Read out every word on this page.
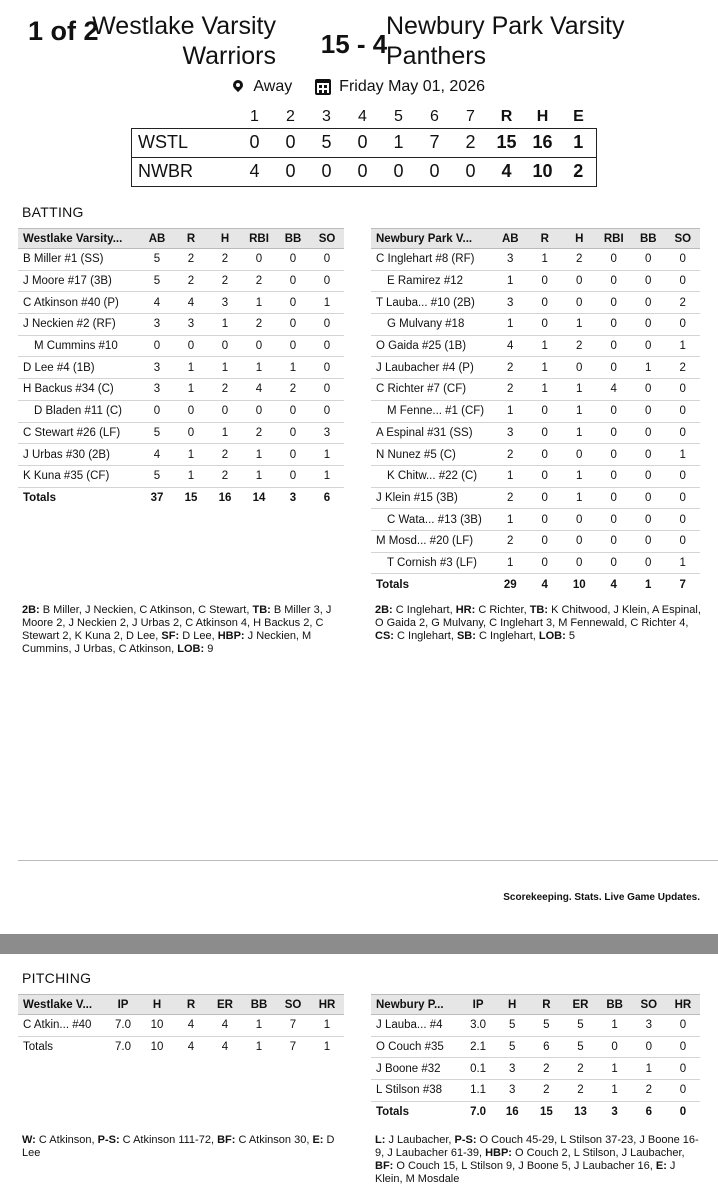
1 of 2
Westlake Varsity
Warriors	15 - 4
Newbury Park Varsity
Panthers
Away	Friday May 01, 2026
	1	2	3	4	5	6	7	R	H	E
WSTL	0	0	5	0	1	7	2	15	16	1
NWBR	4	0	0	0	0	0	0	4	10	2
BATTING
Westlake Varsity...	AB	R	H	RBI	BB	SO
B Miller #1 (SS)	5	2	2	0	0	0
J Moore #17 (3B)	5	2	2	2	0	0
C Atkinson #40 (P)	4	4	3	1	0	1
J Neckien #2 (RF)	3	3	1	2	0	0
M Cummins #10	0	0	0	0	0	0
D Lee #4 (1B)	3	1	1	1	1	0
H Backus #34 (C)	3	1	2	4	2	0
D Bladen #11 (C)	0	0	0	0	0	0
C Stewart #26 (LF)	5	0	1	2	0	3
J Urbas #30 (2B)	4	1	2	1	0	1
K Kuna #35 (CF)	5	1	2	1	0	1
Totals	37	15	16	14	3	6
Newbury Park V...	AB	R	H	RBI	BB	SO
C Inglehart #8 (RF)	3	1	2	0	0	0
E Ramirez #12	1	0	0	0	0	0
T Lauba... #10 (2B)	3	0	0	0	0	2
G Mulvany #18	1	0	1	0	0	0
O Gaida #25 (1B)	4	1	2	0	0	1
J Laubacher #4 (P)	2	1	0	0	1	2
C Richter #7 (CF)	2	1	1	4	0	0
M Fenne... #1 (CF)	1	0	1	0	0	0
A Espinal #31 (SS)	3	0	1	0	0	0
N Nunez #5 (C)	2	0	0	0	0	1
K Chitw... #22 (C)	1	0	1	0	0	0
J Klein #15 (3B)	2	0	1	0	0	0
C Wata... #13 (3B)	1	0	0	0	0	0
M Mosd... #20 (LF)	2	0	0	0	0	0
T Cornish #3 (LF)	1	0	0	0	0	1
Totals	29	4	10	4	1	7
2B: B Miller, J Neckien, C Atkinson, C Stewart, TB: B Miller 3, J Moore 2, J Neckien 2, J Urbas 2, C Atkinson 4, H Backus 2, C Stewart 2, K Kuna 2, D Lee, SF: D Lee, HBP: J Neckien, M Cummins, J Urbas, C Atkinson, LOB: 9
2B: C Inglehart, HR: C Richter, TB: K Chitwood, J Klein, A Espinal, O Gaida 2, G Mulvany, C Inglehart 3, M Fennewald, C Richter 4, CS: C Inglehart, SB: C Inglehart, LOB: 5
Scorekeeping. Stats. Live Game Updates.
PITCHING
Westlake V...	IP	H	R	ER	BB	SO	HR
C Atkin... #40	7.0	10	4	4	1	7	1
Totals	7.0	10	4	4	1	7	1
Newbury P...	IP	H	R	ER	BB	SO	HR
J Lauba... #4	3.0	5	5	5	1	3	0
O Couch #35	2.1	5	6	5	0	0	0
J Boone #32	0.1	3	2	2	1	1	0
L Stilson #38	1.1	3	2	2	1	2	0
Totals	7.0	16	15	13	3	6	0
W: C Atkinson, P-S: C Atkinson 111-72, BF: C Atkinson 30, E: D Lee
L: J Laubacher, P-S: O Couch 45-29, L Stilson 37-23, J Boone 16-9, J Laubacher 61-39, HBP: O Couch 2, L Stilson, J Laubacher, BF: O Couch 15, L Stilson 9, J Boone 5, J Laubacher 16, E: J Klein, M Mosdale
